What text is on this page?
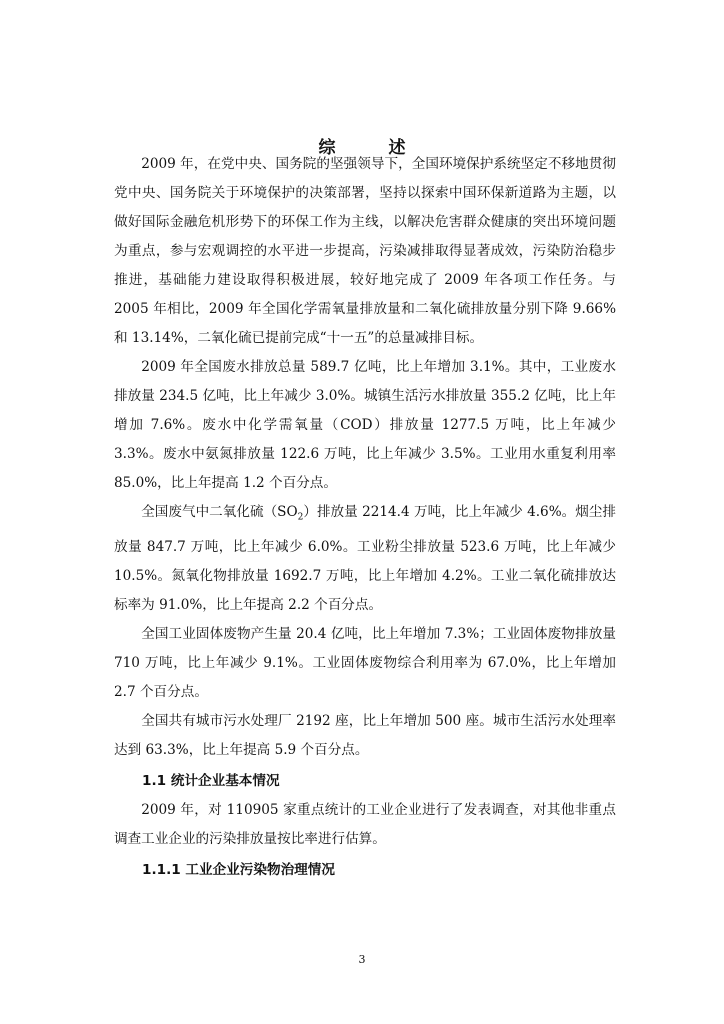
综　述

2009 年，在党中央、国务院的坚强领导下，全国环境保护系统坚定不移地贯彻党中央、国务院关于环境保护的决策部署，坚持以探索中国环保新道路为主题，以做好国际金融危机形势下的环保工作为主线，以解决危害群众健康的突出环境问题为重点，参与宏观调控的水平进一步提高，污染减排取得显著成效，污染防治稳步推进，基础能力建设取得积极进展，较好地完成了 2009 年各项工作任务。与 2005 年相比，2009 年全国化学需氧量排放量和二氧化硫排放量分别下降 9.66%和 13.14%，二氧化硫已提前完成“十一五”的总量减排目标。

2009 年全国废水排放总量 589.7 亿吨，比上年增加 3.1%。其中，工业废水排放量 234.5 亿吨，比上年减少 3.0%。城镇生活污水排放量 355.2 亿吨，比上年增加 7.6%。废水中化学需氧量（COD）排放量 1277.5 万吨，比上年减少 3.3%。废水中氨氮排放量 122.6 万吨，比上年减少 3.5%。工业用水重复利用率 85.0%，比上年提高 1.2 个百分点。

全国废气中二氧化硫$(SO_2)$排放量 2214.4 万吨，比上年减少 4.6%。烟尘排放量 847.7 万吨，比上年减少 6.0%。工业粉尘排放量 523.6 万吨，比上年减少 10.5%。氮氧化物排放量 1692.7 万吨，比上年增加 4.2%。工业二氧化硫排放达标率为 91.0%，比上年提高 2.2 个百分点。

全国工业固体废物产生量 20.4 亿吨，比上年增加 7.3%；工业固体废物排放量 710 万吨，比上年减少 9.1%。工业固体废物综合利用率为 67.0%，比上年增加 2.7 个百分点。

全国共有城市污水处理厂 2192 座，比上年增加 500 座。城市生活污水处理率达到 63.3%，比上年提高 5.9 个百分点。

1.1 统计企业基本情况

2009 年，对 110905 家重点统计的工业企业进行了发表调查，对其他非重点调查工业企业的污染排放量按比率进行估算。

1.1.1 工业企业污染物治理情况
3
